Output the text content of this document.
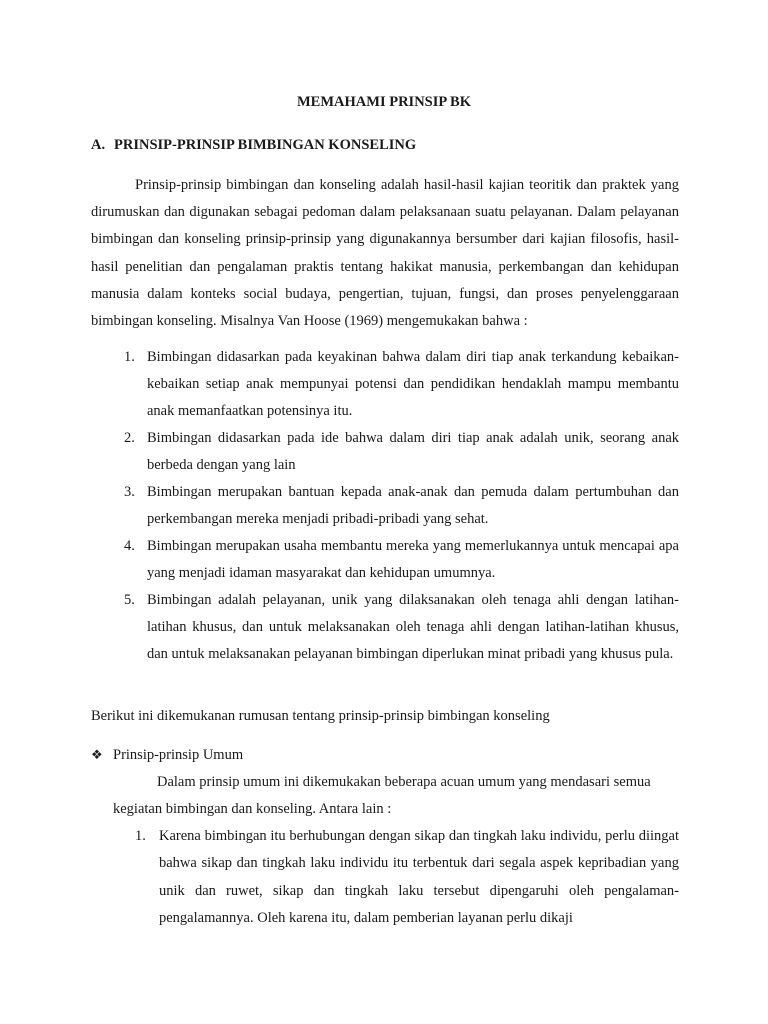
MEMAHAMI PRINSIP BK
A. PRINSIP-PRINSIP BIMBINGAN KONSELING

Prinsip-prinsip bimbingan dan konseling adalah hasil-hasil kajian teoritik dan praktek yang dirumuskan dan digunakan sebagai pedoman dalam pelaksanaan suatu pelayanan. Dalam pelayanan bimbingan dan konseling prinsip-prinsip yang digunakannya bersumber dari kajian filosofis, hasil-hasil penelitian dan pengalaman praktis tentang hakikat manusia, perkembangan dan kehidupan manusia dalam konteks social budaya, pengertian, tujuan, fungsi, dan proses penyelenggaraan bimbingan konseling. Misalnya Van Hoose (1969) mengemukakan bahwa :

1. Bimbingan didasarkan pada keyakinan bahwa dalam diri tiap anak terkandung kebaikan-kebaikan setiap anak mempunyai potensi dan pendidikan hendaklah mampu membantu anak memanfaatkan potensinya itu.
2. Bimbingan didasarkan pada ide bahwa dalam diri tiap anak adalah unik, seorang anak berbeda dengan yang lain
3. Bimbingan merupakan bantuan kepada anak-anak dan pemuda dalam pertumbuhan dan perkembangan mereka menjadi pribadi-pribadi yang sehat.
4. Bimbingan merupakan usaha membantu mereka yang memerlukannya untuk mencapai apa yang menjadi idaman masyarakat dan kehidupan umumnya.
5. Bimbingan adalah pelayanan, unik yang dilaksanakan oleh tenaga ahli dengan latihan-latihan khusus, dan untuk melaksanakan oleh tenaga ahli dengan latihan-latihan khusus, dan untuk melaksanakan pelayanan bimbingan diperlukan minat pribadi yang khusus pula.
Berikut ini dikemukanan rumusan tentang prinsip-prinsip bimbingan konseling
❖ Prinsip-prinsip Umum

Dalam prinsip umum ini dikemukakan beberapa acuan umum yang mendasari semua kegiatan bimbingan dan konseling. Antara lain :

1. Karena bimbingan itu berhubungan dengan sikap dan tingkah laku individu, perlu diingat bahwa sikap dan tingkah laku individu itu terbentuk dari segala aspek kepribadian yang unik dan ruwet, sikap dan tingkah laku tersebut dipengaruhi oleh pengalaman-pengalamannya. Oleh karena itu, dalam pemberian layanan perlu dikaji
